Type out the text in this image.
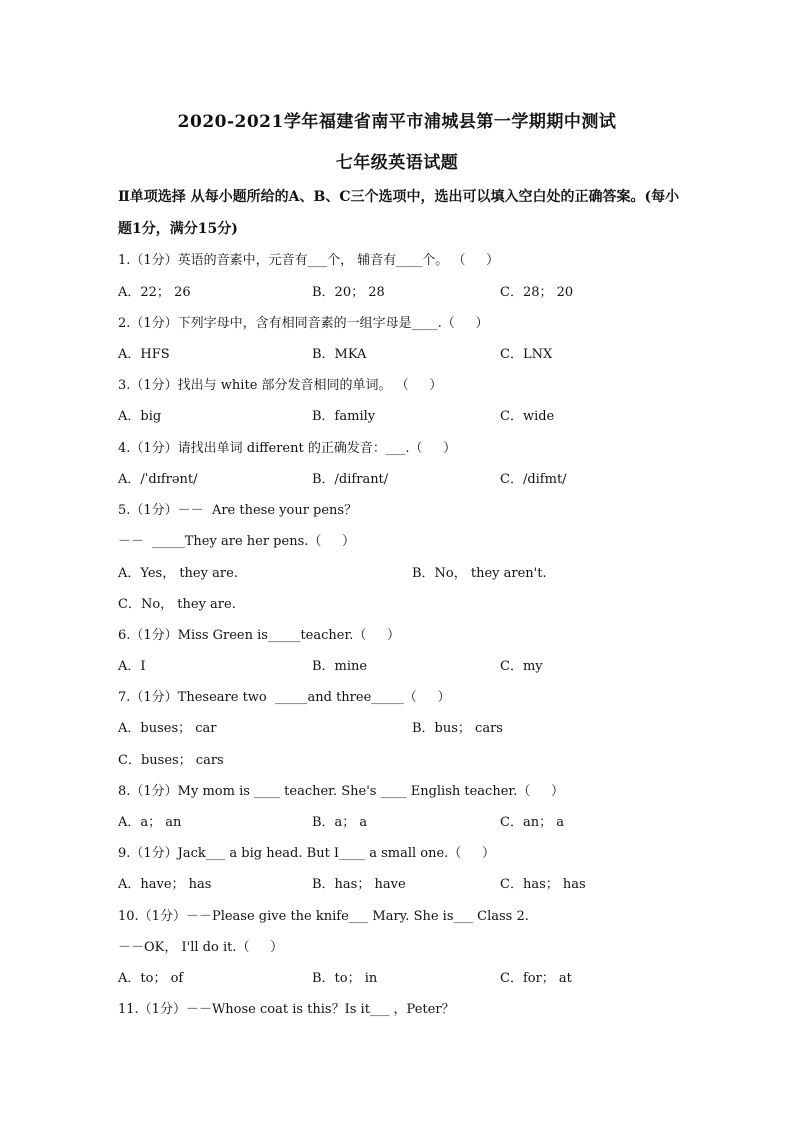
2020-2021学年福建省南平市浦城县第一学期期中测试
七年级英语试题
Ⅱ单项选择 从每小题所给的A、B、C三个选项中，选出可以填入空白处的正确答案。(每小题1分，满分15分)
1.（1分）英语的音素中，元音有___个， 辅音有____个。 （     ）
A．22； 26	B．20； 28	C．28； 20
2.（1分）下列字母中，含有相同音素的一组字母是____.（     ）
A．HFS	B．MKA	C．LNX
3.（1分）找出与 white 部分发音相同的单词。 （     ）
A．big	B．family	C．wide
4.（1分）请找出单词 different 的正确发音：___.（     ）
A．/ˈdɪfrənt/	B．/difrant/	C．/difmt/
5.（1分）－－  Are these your pens？
－－  _____They are her pens.（     ）
A．Yes， they are.	B．No， they aren't.
C．No， they are.
6.（1分）Miss Green is_____teacher.（     ）
A．I	B．mine	C．my
7.（1分）Theseare two  _____and three_____（     ）
A．buses； car	B．bus； cars
C．buses； cars
8.（1分）My mom is ____ teacher. She's ____ English teacher.（     ）
A．a； an	B．a； a	C．an； a
9.（1分）Jack___ a big head. But I____ a small one.（     ）
A．have； has	B．has； have	C．has； has
10.（1分）－－Please give the knife___ Mary. She is___ Class 2.
－－OK， I'll do it.（     ）
A．to； of	B．to； in	C．for； at
11.（1分）－－Whose coat is this？Is it___ ，Peter？
